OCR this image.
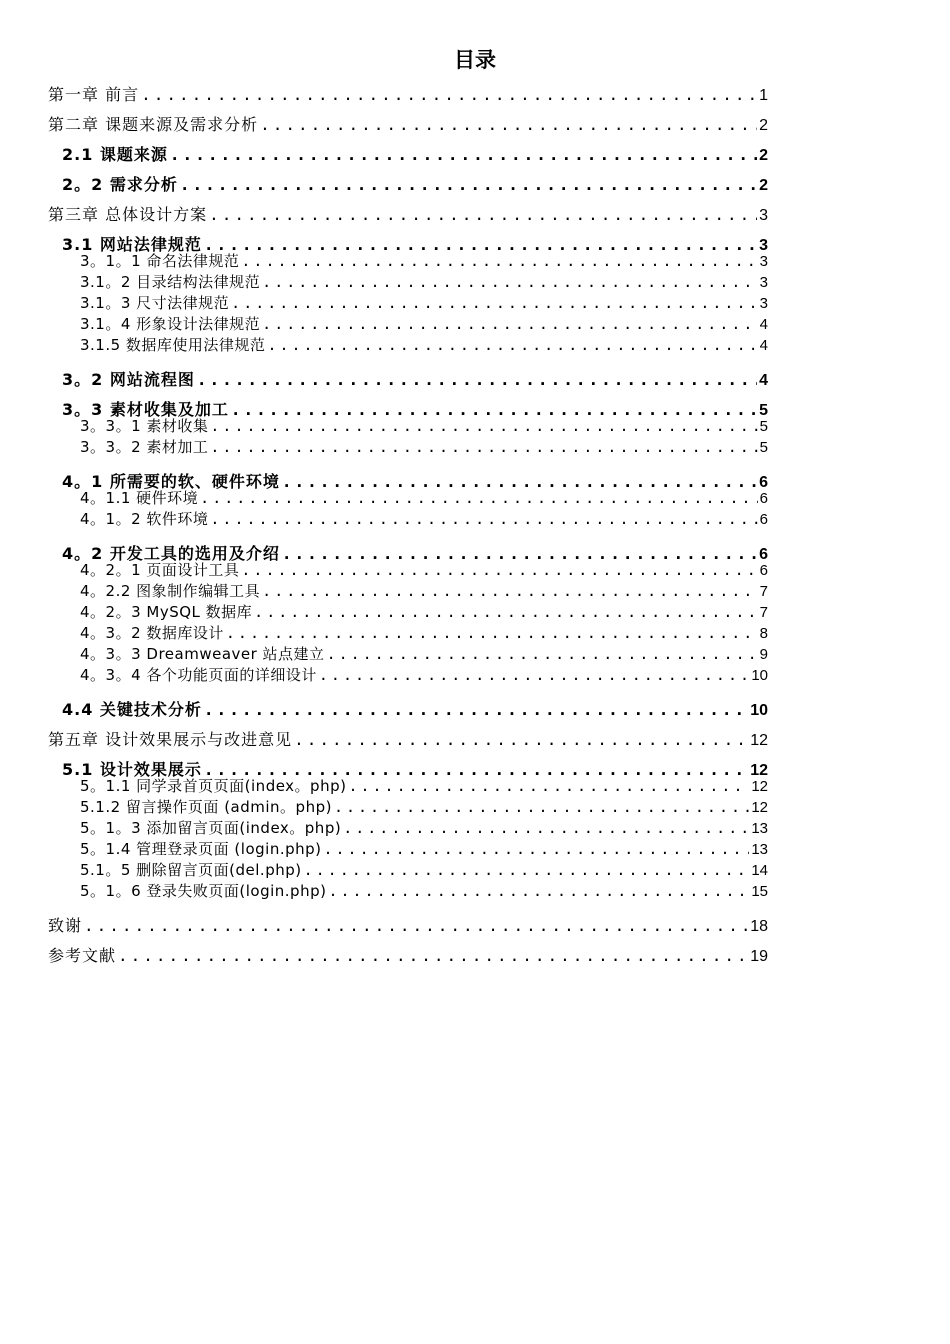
目录
第一章 前言 .....	1
第二章 课题来源及需求分析 .....	2
2.1 课题来源 .....	2
2。2 需求分析 .....	2
第三章 总体设计方案 .....	3
3.1 网站法律规范 .....	3
3。1。1 命名法律规范 .....	3
3.1。2 目录结构法律规范 .....	3
3.1。3 尺寸法律规范 .....	3
3.1。4 形象设计法律规范 .....	4
3.1.5 数据库使用法律规范 .....	4
3。2 网站流程图 .....	4
3。3 素材收集及加工 .....	5
3。3。1 素材收集 .....	5
3。3。2 素材加工 .....	5
4。1 所需要的软、硬件环境 .....	6
4。1.1 硬件环境 .....	6
4。1。2 软件环境 .....	6
4。2 开发工具的选用及介绍 .....	6
4。2。1 页面设计工具 .....	6
4。2.2 图象制作编辑工具 .....	7
4。2。3 MySQL 数据库 .....	7
4。3。2 数据库设计 .....	8
4。3。3 Dreamweaver 站点建立 .....	9
4。3。4 各个功能页面的详细设计 .....	10
4.4 关键技术分析 .....	10
第五章 设计效果展示与改进意见 .....	12
5.1 设计效果展示 .....	12
5。1.1 同学录首页页面(index。php) .....	12
5.1.2 留言操作页面 (admin。php) .....	12
5。1。3 添加留言页面(index。php) .....	13
5。1.4 管理登录页面 (login.php) .....	13
5.1。5 删除留言页面(del.php) .....	14
5。1。6 登录失败页面(login.php) .....	15
致谢 .....	18
参考文献 .....	19
